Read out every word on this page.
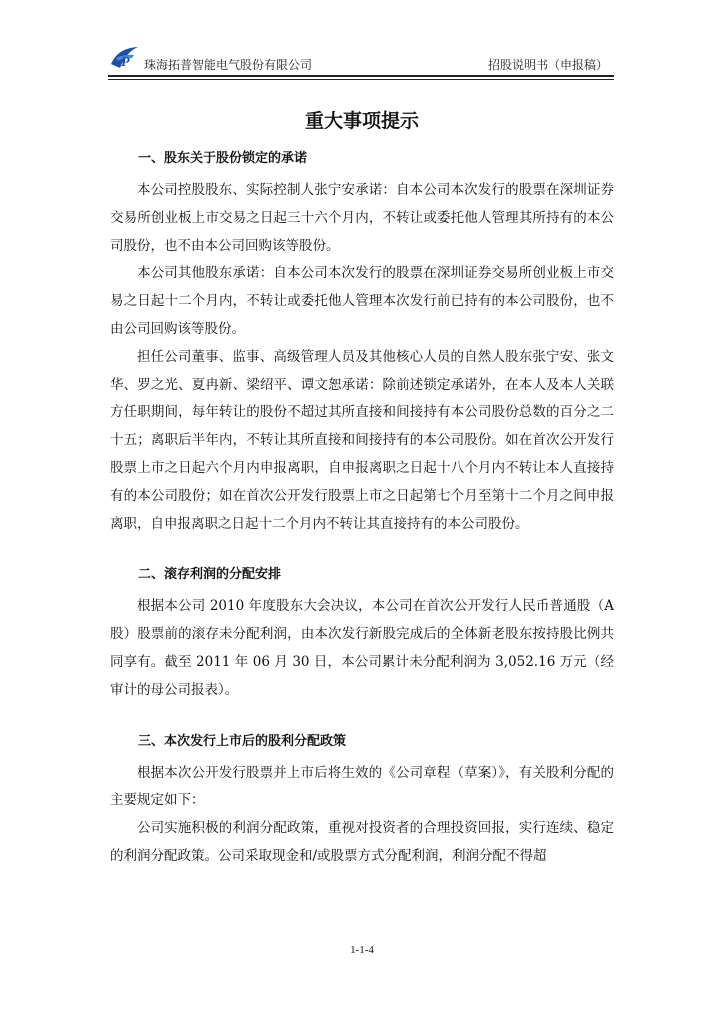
P 珠海拓普智能电气股份有限公司	招股说明书（申报稿）
重大事项提示
一、股东关于股份锁定的承诺

本公司控股股东、实际控制人张宁安承诺：自本公司本次发行的股票在深圳证券交易所创业板上市交易之日起三十六个月内，不转让或委托他人管理其所持有的本公司股份，也不由本公司回购该等股份。

本公司其他股东承诺：自本公司本次发行的股票在深圳证券交易所创业板上市交易之日起十二个月内，不转让或委托他人管理本次发行前已持有的本公司股份，也不由公司回购该等股份。

担任公司董事、监事、高级管理人员及其他核心人员的自然人股东张宁安、张文华、罗之光、夏冉新、梁绍平、谭文恕承诺：除前述锁定承诺外，在本人及本人关联方任职期间，每年转让的股份不超过其所直接和间接持有本公司股份总数的百分之二十五；离职后半年内，不转让其所直接和间接持有的本公司股份。如在首次公开发行股票上市之日起六个月内申报离职，自申报离职之日起十八个月内不转让本人直接持有的本公司股份；如在首次公开发行股票上市之日起第七个月至第十二个月之间申报离职，自申报离职之日起十二个月内不转让其直接持有的本公司股份。

二、滚存利润的分配安排

根据本公司 2010 年度股东大会决议，本公司在首次公开发行人民币普通股（A 股）股票前的滚存未分配利润，由本次发行新股完成后的全体新老股东按持股比例共同享有。截至 2011 年 06 月 30 日，本公司累计未分配利润为 3,052.16 万元（经审计的母公司报表）。

三、本次发行上市后的股利分配政策

根据本次公开发行股票并上市后将生效的《公司章程（草案）》，有关股利分配的主要规定如下：

公司实施积极的利润分配政策，重视对投资者的合理投资回报，实行连续、稳定的利润分配政策。公司采取现金和/或股票方式分配利润，利润分配不得超

1-1-4
